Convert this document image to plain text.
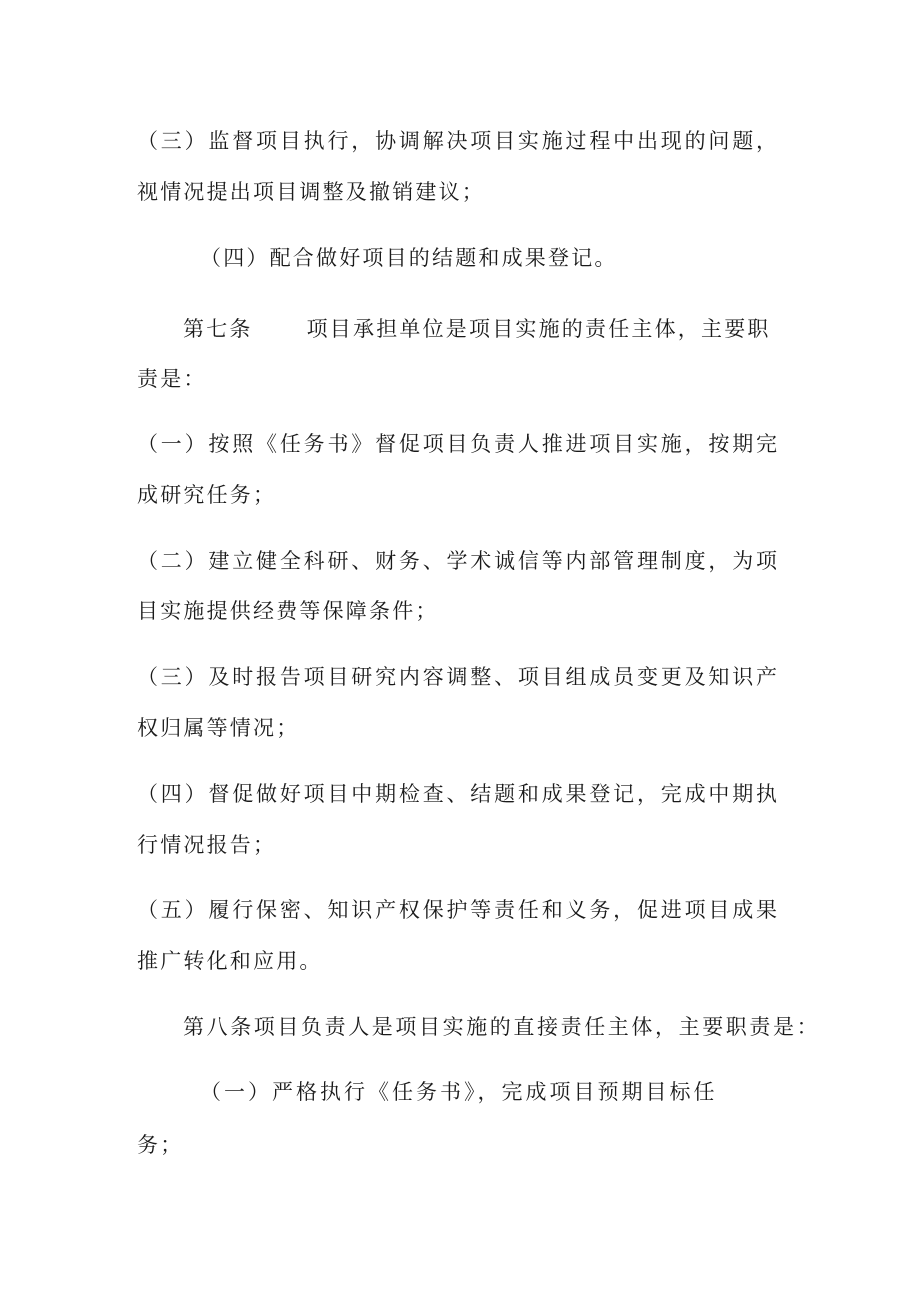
（三）监督项目执行，协调解决项目实施过程中出现的问题，
视情况提出项目调整及撤销建议；
（四）配合做好项目的结题和成果登记。
第七条	项目承担单位是项目实施的责任主体，主要职
责是：
（一）按照《任务书》督促项目负责人推进项目实施，按期完
成研究任务；
（二）建立健全科研、财务、学术诚信等内部管理制度，为项
目实施提供经费等保障条件；
（三）及时报告项目研究内容调整、项目组成员变更及知识产
权归属等情况；
（四）督促做好项目中期检查、结题和成果登记，完成中期执
行情况报告；
（五）履行保密、知识产权保护等责任和义务，促进项目成果
推广转化和应用。
第八条项目负责人是项目实施的直接责任主体，主要职责是：
（一）严格执行《任务书》，完成项目预期目标任
务；
